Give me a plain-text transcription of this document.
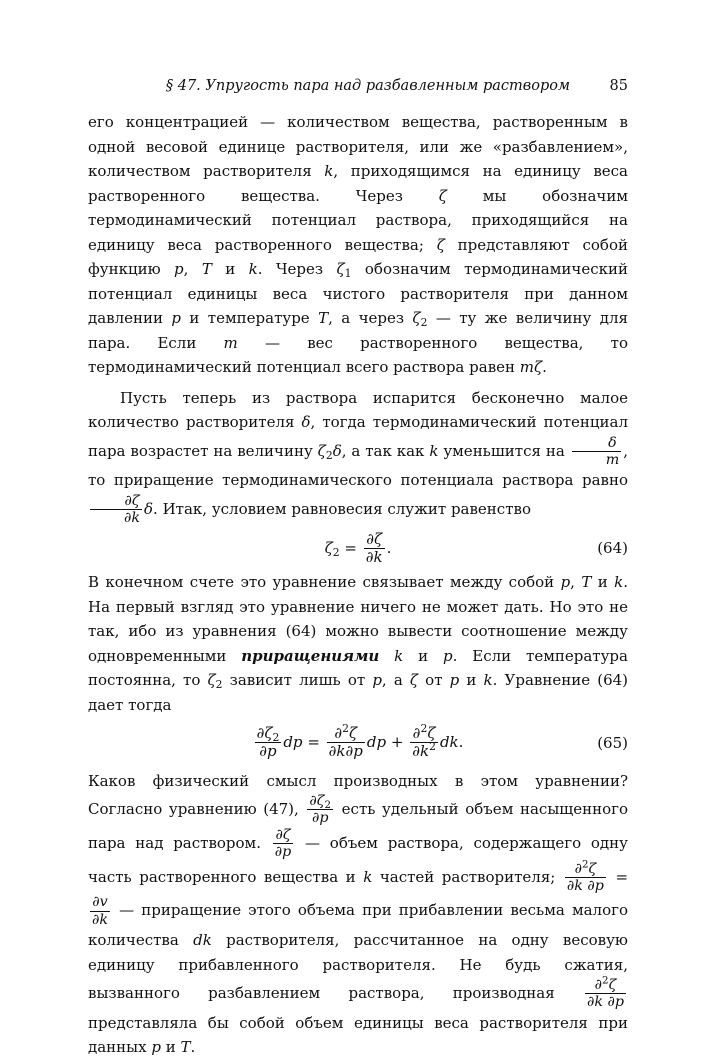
§ 47. Упругость пара над разбавленным раствором	85

его концентрацией — количеством вещества, растворенным в одной весовой единице растворителя, или же «разбавлением», количеством растворителя k, приходящимся на единицу веса растворенного вещества. Через ζ мы обозначим термодинамический потенциал раствора, приходящийся на единицу веса растворенного вещества; ζ представляют собой функцию p, T и k. Через $\zeta_1$ обозначим термодинамический потенциал единицы веса чистого растворителя при данном давлении p и температуре T, а через $\zeta_2$ — ту же величину для пара. Если m — вес растворенного вещества, то термодинамический потенциал всего раствора равен mζ.

Пусть теперь из раствора испарится бесконечно малое количество растворителя δ, тогда термодинамический потенциал пара возрастет на величину $\zeta_2\delta$, а так как k уменьшится на $\frac{\delta}{m}$ , то приращение термодинамического потенциала раствора равно
$\frac{\partial\zeta}{\partial k} \delta$. Итак, условием равновесия служит равенство

$\zeta_2 = \frac{\partial\zeta}{\partial k}$ .	(64)

В конечном счете это уравнение связывает между собой p, T и k. На первый взгляд это уравнение ничего не может дать. Но это не так, ибо из уравнения (64) можно вывести соотношение между одновременными приращениями k и p. Если температура постоянна, то $\zeta_2$ зависит лишь от p, а ζ от p и k. Уравнение (64) дает тогда

$\frac{\partial\zeta_2}{\partial p}$ dp = $\frac{\partial^2\zeta}{\partial k\partial p}$ dp + $\frac{\partial^2\zeta}{\partial k^2}$ dk.	(65)

Каков физический смысл производных в этом уравнении? Согласно уравнению (47), $\frac{\partial\zeta_2}{\partial p}$ есть удельный объем насыщенного пара над раствором. $\frac{\partial\zeta}{\partial p}$ — объем раствора, содержащего одну часть растворенного вещества и k частей растворителя; $\frac{\partial^2\zeta}{\partial k \partial p}$ =
$\frac{\partial v}{\partial k}$ — приращение этого объема при прибавлении весьма малого количества dk растворителя, рассчитанное на одну весовую единицу прибавленного растворителя. Не будь сжатия, вызванного разбавлением раствора, производная $\frac{\partial^2\zeta}{\partial k \partial p}$
представляла бы собой объем единицы веса растворителя при данных p и T.
